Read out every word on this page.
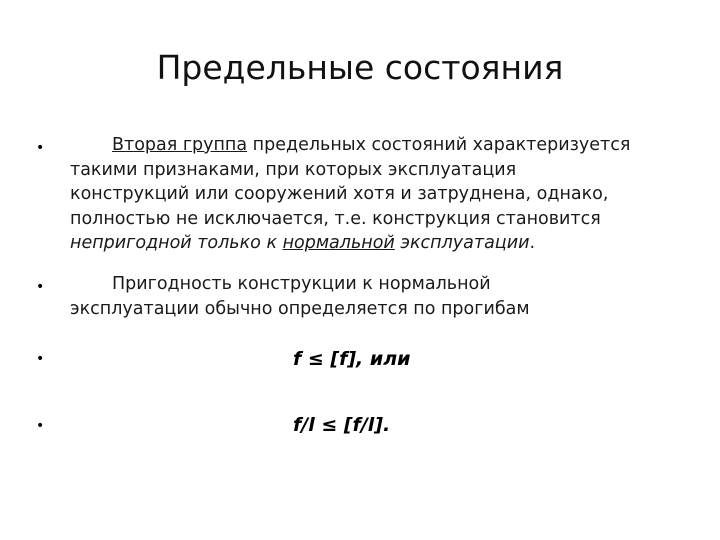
Предельные состояния
•	Вторая группа предельных состояний характеризуется
такими признаками, при которых эксплуатация
конструкций или сооружений хотя и затруднена, однако,
полностью не исключается, т.е. конструкция становится
непригодной только к нормальной эксплуатации.
•	Пригодность конструкции к нормальной
эксплуатации обычно определяется по прогибам
•	f ≤ [f], или
•	f/l ≤ [f/l].
